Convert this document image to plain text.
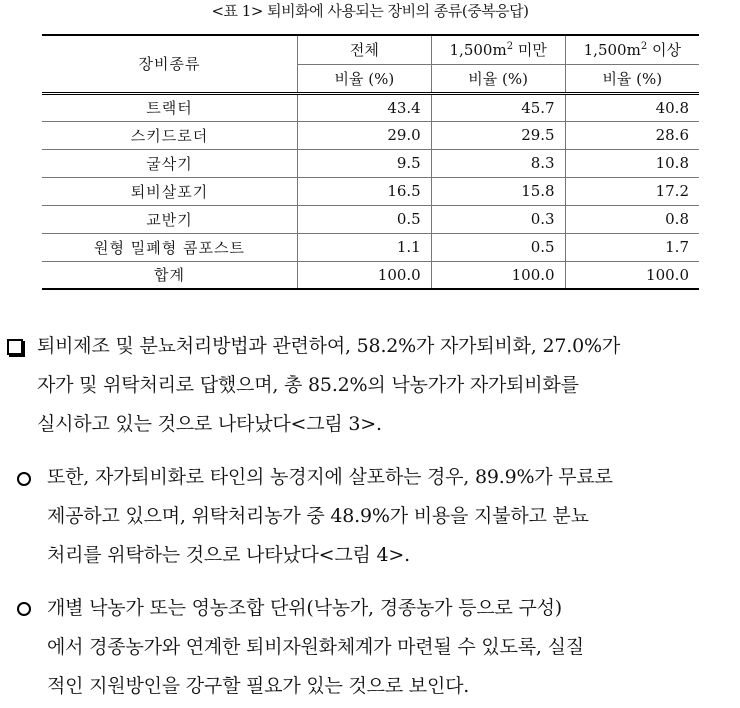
<표 1> 퇴비화에 사용되는 장비의 종류(중복응답)
장비종류	전체	$1,500m^2$ 미만	$1,500m^2$ 이상
	비율 (%)	비율 (%)	비율 (%)
트랙터	43.4	45.7	40.8
스키드로더	29.0	29.5	28.6
굴삭기	9.5	8.3	10.8
퇴비살포기	16.5	15.8	17.2
교반기	0.5	0.3	0.8
원형 밀폐형 콤포스트	1.1	0.5	1.7
합계	100.0	100.0	100.0
퇴비제조 및 분뇨처리방법과 관련하여, 58.2%가 자가퇴비화, 27.0%가
자가 및 위탁처리로 답했으며, 총 85.2%의 낙농가가 자가퇴비화를
실시하고 있는 것으로 나타났다<그림 3>.
또한, 자가퇴비화로 타인의 농경지에 살포하는 경우, 89.9%가 무료로
제공하고 있으며, 위탁처리농가 중 48.9%가 비용을 지불하고 분뇨
처리를 위탁하는 것으로 나타났다<그림 4>.
개별 낙농가 또는 영농조합 단위(낙농가, 경종농가 등으로 구성)
에서 경종농가와 연계한 퇴비자원화체계가 마련될 수 있도록, 실질
적인 지원방인을 강구할 필요가 있는 것으로 보인다.
